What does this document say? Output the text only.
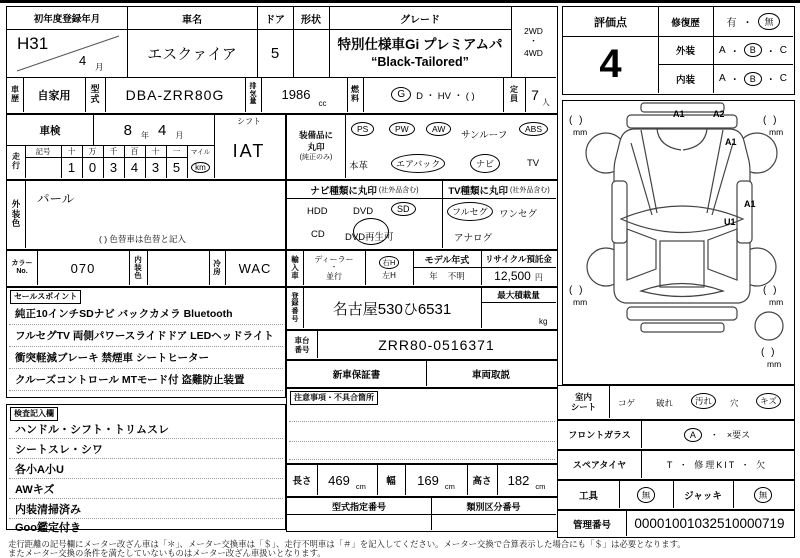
初年度登録年月
H31
4 月
車名
エスクァイア
ドア
5
形状	グレード
特別仕様車Gi プレミアムパ
“Black-Tailored”
2WD
・
4WD
車歴	自家用
型式	DBA-ZRR80G
排気量 1986
cc
燃料	G	D ・ HV ・ ( )
定員 7 人
車検	8 年 4 月
走行
記号	十	万	千	百	十	一
1	0	3	4	3	5
マイル
km
シフト
IAT
装備品に
丸印
(純正のみ)
PS	PW	AW
サンルーフ
ABS
本革	エアバック	ナビ	TV
外装色
パール
( ) 色替車は色替と記入
ナビ種類に丸印 (社外品含む)
HDD	DVD	SD
CD DVD再生可
TV種類に丸印 (社外品含む)
フルセグ	ワンセグ
アナログ
カラー
No.	070
内装色
冷房	WAC
輸入車
ディーラー
・
並行
右H
左H
モデル年式
年 不明
リサイクル預託金
12,500 円
セールスポイント
純正10インチSDナビ バックカメラ Bluetooth
フルセグTV 両側パワースライドドア LEDヘッドライト
衝突軽減ブレーキ 禁煙車 シートヒーター
クルーズコントロール MTモード付 盗難防止装置
登録番号
名古屋530ひ6531
最大積載量
kg
車台
番号	ZRR80-0516371
新車保証書	車両取説
注意事項・不具合箇所
検査記入欄
ハンドル・シフト・トリムスレ
シートスレ・シワ
各小A小U
AWキズ
内装清掃済み
Goo鑑定付き
長さ	469 cm	幅	169 cm	高さ	182 cm
型式指定番号	類別区分番号
評価点
4
修復歴	有 ・	無
外装	A ・	B	・ C
内装	A ・	B	・ C
( )
mm
( )
mm
( )
mm
( )
mm
( )
mm
A1	A2
A1
A1
U1
室内
シート	コゲ 破れ	汚れ	穴	キズ
フロントガラス	A	・ ×要ス
スペアタイヤ	T ・ 修理KIT ・ 欠
工具	無	ジャッキ	無
管理番号	00001001032510000719
走行距離の記号欄にメーター改ざん車は「＊」、メーター交換車は「＄」、走行不明車は「＃」を記入してください。メーター交換で合算表示した場合にも「＄」は必要となります。
またメーター交換の条件を満たしていないものはメーター改ざん車扱いとなります。
